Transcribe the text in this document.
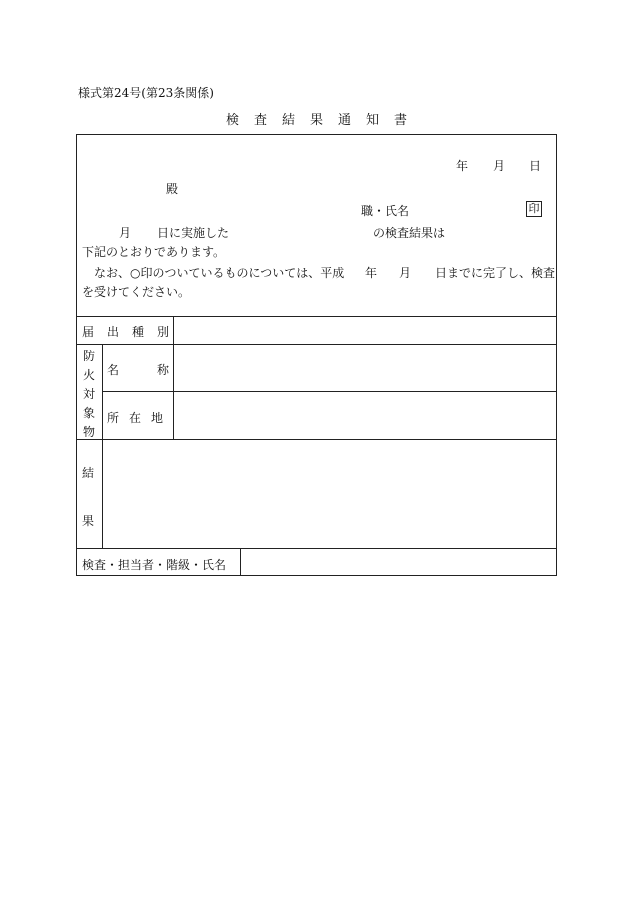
様式第24号(第23条関係)
検査結果通知書
年 月 日
殿
職・氏名	印
月 日に実施した	の検査結果は
下記のとおりであります。
なお、○印のついているものについては、平成 年 月 日までに完了し、検査
を受けてください。
届出種別
防火対象物
名	称
所在地
結
果
検査・担当者・階級・氏名
